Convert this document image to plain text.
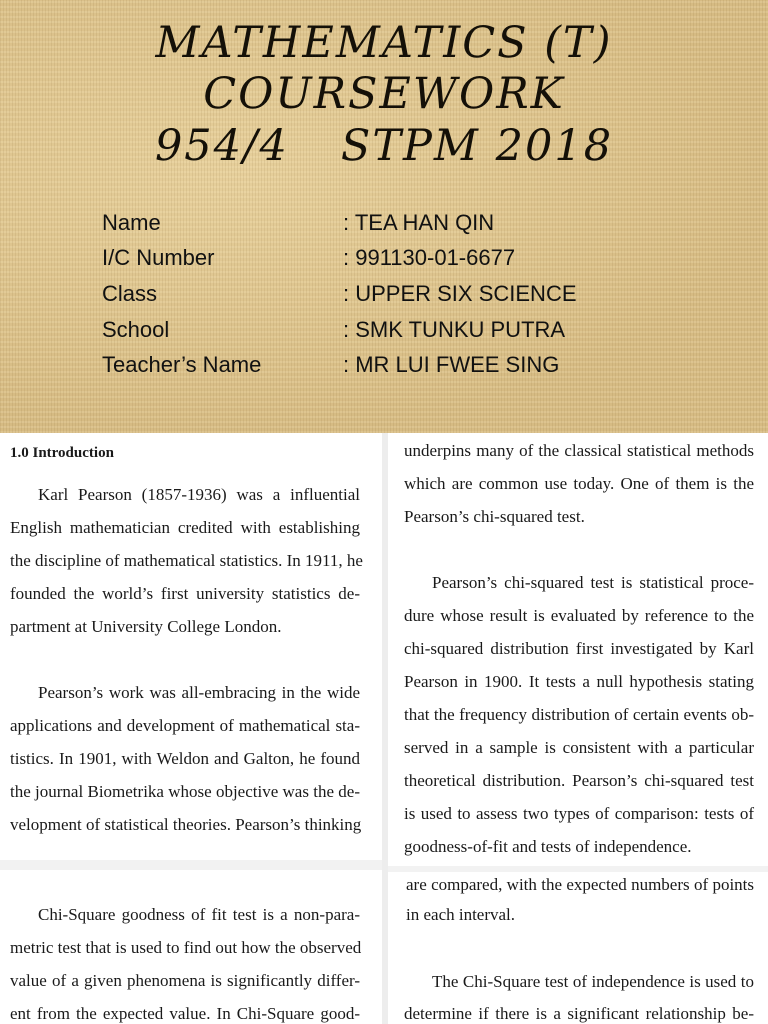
MATHEMATICS (T)
COURSEWORK
954/4 STPM 2018
Name	: TEA HAN QIN
I/C Number	: 991130-01-6677
Class	: UPPER SIX SCIENCE
School	: SMK TUNKU PUTRA
Teacher’s Name	: MR LUI FWEE SING
1.0 Introduction
Karl Pearson (1857-1936) was a influential
English mathematician credited with establishing
the discipline of mathematical statistics. In 1911, he
founded the world’s first university statistics de-
partment at University College London.
Pearson’s work was all-embracing in the wide
applications and development of mathematical sta-
tistics. In 1901, with Weldon and Galton, he found
the journal Biometrika whose objective was the de-
velopment of statistical theories. Pearson’s thinking
Chi-Square goodness of fit test is a non-para-
metric test that is used to find out how the observed
value of a given phenomena is significantly differ-
ent from the expected value. In Chi-Square good-
underpins many of the classical statistical methods
which are common use today. One of them is the
Pearson’s chi-squared test.
Pearson’s chi-squared test is statistical proce-
dure whose result is evaluated by reference to the
chi-squared distribution first investigated by Karl
Pearson in 1900. It tests a null hypothesis stating
that the frequency distribution of certain events ob-
served in a sample is consistent with a particular
theoretical distribution. Pearson’s chi-squared test
is used to assess two types of comparison: tests of
goodness-of-fit and tests of independence.
are compared, with the expected numbers of points
in each interval.
The Chi-Square test of independence is used to
determine if there is a significant relationship be-
